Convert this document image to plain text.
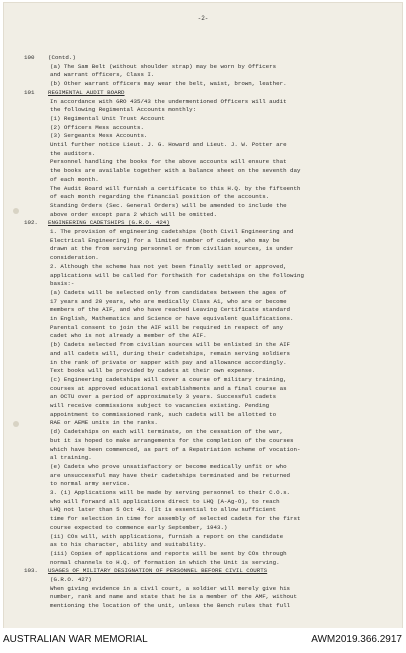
-2-
100 (Contd.)
(a) The Sam Belt (without shoulder strap) may be worn by Officers
and warrant officers, Class I.
(b) Other warrant officers may wear the belt, waist, brown, leather.
101 REGIMENTAL AUDIT BOARD
In accordance with GRO 435/43 the undermentioned Officers will audit
the following Regimental Accounts monthly:
(1) Regimental Unit Trust Account
(2) Officers Mess accounts.
(3) Sergeants Mess Accounts.
Until further notice Lieut. J. G. Howard and Lieut. J. W. Potter are
the auditors.
Personnel handling the books for the above accounts will ensure that
the books are available together with a balance sheet on the seventh day
of each month.
The Audit Board will furnish a certificate to this H.Q. by the fifteenth
of each month regarding the financial position of the accounts.
Standing Orders (Sec. General Orders) will be amended to include the
above order except para 2 which will be omitted.
102. ENGINEERING CADETSHIPS (G.R.O. 424)
1. The provision of engineering cadetships (both Civil Engineering and
Electrical Engineering) for a limited number of cadets, who may be
drawn at the from serving personnel or from civilian sources, is under
consideration.
2. Although the scheme has not yet been finally settled or approved,
applications will be called for forthwith for cadetships on the following
basis:-
(a) Cadets will be selected only from candidates between the ages of
17 years and 20 years, who are medically Class A1, who are or become
members of the AIF, and who have reached Leaving Certificate standard
in English, Mathematics and Science or have equivalent qualifications.
Parental consent to join the AIF will be required in respect of any
cadet who is not already a member of the AIF.
(b) Cadets selected from civilian sources will be enlisted in the AIF
and all cadets will, during their cadetships, remain serving soldiers
in the rank of private or sapper with pay and allowance accordingly.
Text books will be provided by cadets at their own expense.
(c) Engineering cadetships will cover a course of military training,
courses at approved educational establishments and a final course as
an OCTU over a period of approximately 3 years. Successful cadets
will receive commissions subject to vacancies existing. Pending
appointment to commissioned rank, such cadets will be allotted to
RAE or AEME units in the ranks.
(d) Cadetships on each will terminate, on the cessation of the war,
but it is hoped to make arrangements for the completion of the courses
which have been commenced, as part of a Repatriation scheme of vocation-
al training.
(e) Cadets who prove unsatisfactory or become medically unfit or who
are unsuccessful may have their cadetships terminated and be returned
to normal army service.
3. (i) Applications will be made by serving personnel to their C.O.s.
who will forward all applications direct to LHQ (A-Ag-O), to reach
LHQ not later than 5 Oct 43. (It is essential to allow sufficient
time for selection in time for assembly of selected cadets for the first
course expected to commence early September, 1943.)
(ii) COs will, with applications, furnish a report on the candidate
as to his character, ability and suitability.
(iii) Copies of applications and reports will be sent by COs through
normal channels to H.Q. of formation in which the Unit is serving.
103. USAGES OF MILITARY DESIGNATION OF PERSONNEL BEFORE CIVIL COURTS
(G.R.O. 427)
When giving evidence in a civil court, a soldier will merely give his
number, rank and name and state that he is a member of the AMF, without
mentioning the location of the unit, unless the Bench rules that full
AUSTRALIAN WAR MEMORIAL	AWM2019.366.2917
